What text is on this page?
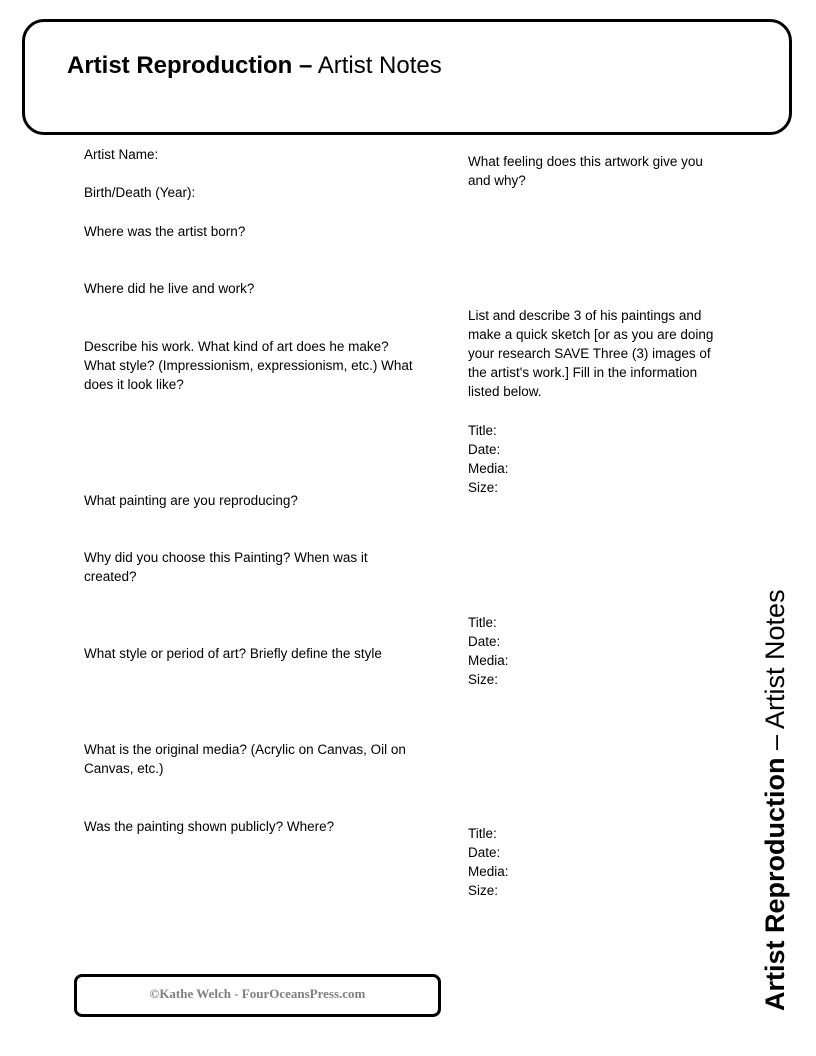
Artist Reproduction – Artist Notes
Artist Name:
Birth/Death (Year):
Where was the artist born?
Where did he live and work?
Describe his work. What kind of art does he make?
What style? (Impressionism, expressionism, etc.) What
does it look like?
What painting are you reproducing?
Why did you choose this Painting? When was it
created?
What style or period of art? Briefly define the style
What is the original media? (Acrylic on Canvas, Oil on
Canvas, etc.)
Was the painting shown publicly? Where?
What feeling does this artwork give you
and why?
List and describe 3 of his paintings and
make a quick sketch [or as you are doing
your research SAVE Three (3) images of
the artist's work.] Fill in the information
listed below.
Title:
Date:
Media:
Size:
Title:
Date:
Media:
Size:
Title:
Date:
Media:
Size:
©Kathe Welch - FourOceansPress.com	Artist Reproduction – Artist Notes
